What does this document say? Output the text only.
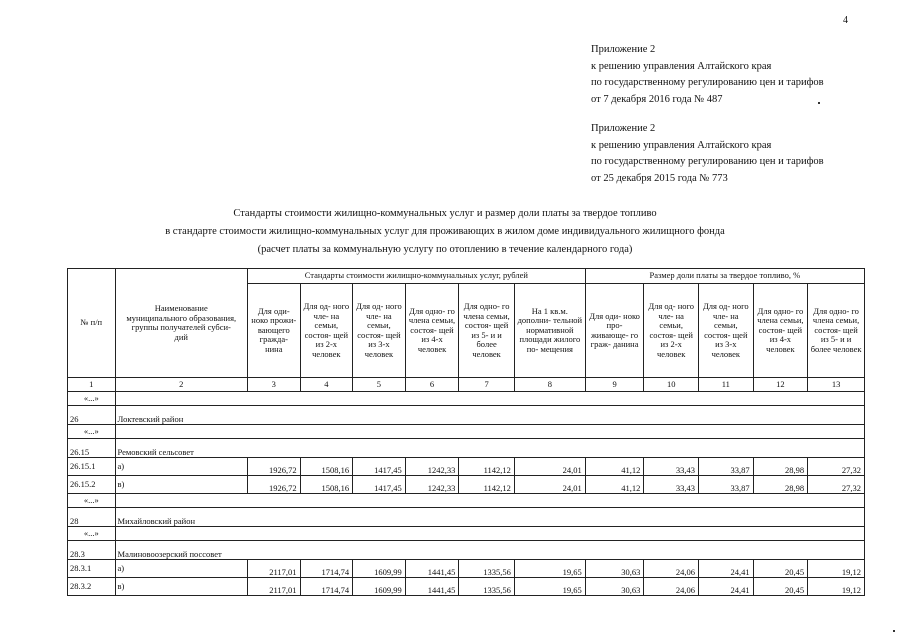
4
Приложение 2
к решению управления Алтайского края
по государственному регулированию цен и тарифов
от 7 декабря 2016 года № 487
Приложение 2
к решению управления Алтайского края
по государственному регулированию цен и тарифов
от 25 декабря 2015 года № 773
Стандарты стоимости жилищно-коммунальных услуг и размер доли платы за твердое топливо
в стандарте стоимости жилищно-коммунальных услуг для проживающих в жилом доме индивидуального жилищного фонда
(расчет платы за коммунальную услугу по отоплению в течение календарного года)
№ п/п	Наименование муниципального образования, группы получателей субси- дий	Стандарты стоимости жилищно-коммунальных услуг, рублей						Размер доли платы за твердое топливо, %				
		Для оди- ноко прожи- вающего гражда- нина	Для од- ного чле- на семьи, состоя- щей из 2-х человек	Для од- ного чле- на семьи, состоя- щей из 3-х человек	Для одно- го члена семьи, состоя- щей из 4-х человек	Для одно- го члена семьи, состоя- щей из 5- и и более человек	На 1 кв.м. дополни- тельной нормативной площади жилого по- мещения	Для оди- ноко про- живающе- го граж- данина	Для од- ного чле- на семьи, состоя- щей из 2-х человек	Для од- ного чле- на семьи, состоя- щей из 3-х человек	Для одно- го члена семьи, состоя- щей из 4-х человек	Для одно- го члена семьи, состоя- щей из 5- и и более человек
1	2	3	4	5	6	7	8	9	10	11	12	13
«...»												
26	Локтевский район											
«...»												
26.15	Ремовский сельсовет											
26.15.1	а)	1926,72	1508,16	1417,45	1242,33	1142,12	24,01	41,12	33,43	33,87	28,98	27,32
26.15.2	в)	1926,72	1508,16	1417,45	1242,33	1142,12	24,01	41,12	33,43	33,87	28,98	27,32
«...»												
28	Михайловский район											
«...»												
28.3	Малиновоозерский поссовет											
28.3.1	а)	2117,01	1714,74	1609,99	1441,45	1335,56	19,65	30,63	24,06	24,41	20,45	19,12
28.3.2	в)	2117,01	1714,74	1609,99	1441,45	1335,56	19,65	30,63	24,06	24,41	20,45	19,12
